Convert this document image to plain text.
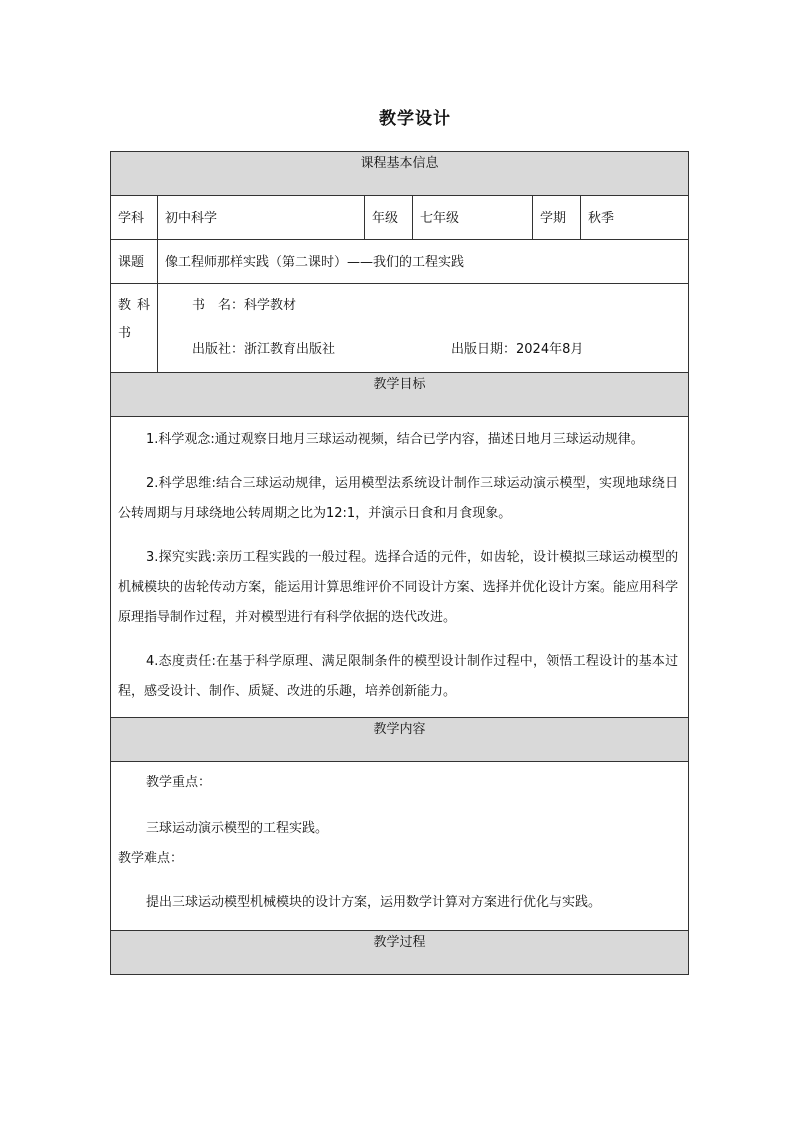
教学设计
课程基本信息					
学科	初中科学	年级	七年级	学期	秋季
课题	像工程师那样实践（第二课时）——我们的工程实践				
教科书	书　名：科学教材
出版社：浙江教育出版社 出版日期：2024年8月				

教学目标					

1.科学观念:通过观察日地月三球运动视频，结合已学内容，描述日地月三球运动规律。

2.科学思维:结合三球运动规律，运用模型法系统设计制作三球运动演示模型，实现地球绕日公转周期与月球绕地公转周期之比为12:1，并演示日食和月食现象。

3.探究实践:亲历工程实践的一般过程。选择合适的元件，如齿轮，设计模拟三球运动模型的机械模块的齿轮传动方案，能运用计算思维评价不同设计方案、选择并优化设计方案。能应用科学原理指导制作过程，并对模型进行有科学依据的迭代改进。

4.态度责任:在基于科学原理、满足限制条件的模型设计制作过程中，领悟工程设计的基本过程，感受设计、制作、质疑、改进的乐趣，培养创新能力。					

教学内容					

教学重点：

三球运动演示模型的工程实践。

教学难点：

提出三球运动模型机械模块的设计方案，运用数学计算对方案进行优化与实践。					

教学过程					
